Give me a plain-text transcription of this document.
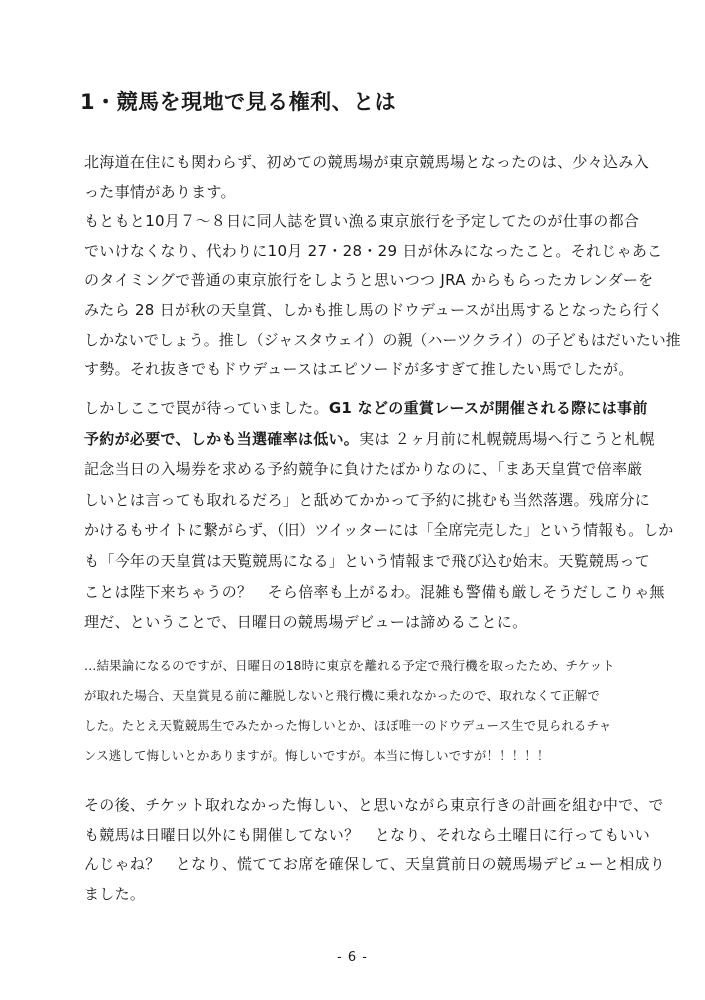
1・競馬を現地で見る権利、とは
北海道在住にも関わらず、初めての競馬場が東京競馬場となったのは、少々込み入
った事情があります。
もともと10月７～８日に同人誌を買い漁る東京旅行を予定してたのが仕事の都合
でいけなくなり、代わりに10月 27・28・29 日が休みになったこと。それじゃあこ
のタイミングで普通の東京旅行をしようと思いつつ JRA からもらったカレンダーを
みたら 28 日が秋の天皇賞、しかも推し馬のドウデュースが出馬するとなったら行く
しかないでしょう。推し（ジャスタウェイ）の親（ハーツクライ）の子どもはだいたい推
す勢。それ抜きでもドウデュースはエピソードが多すぎて推したい馬でしたが。
しかしここで罠が待っていました。G1 などの重賞レースが開催される際には事前
予約が必要で、しかも当選確率は低い。実は ２ヶ月前に札幌競馬場へ行こうと札幌
記念当日の入場券を求める予約競争に負けたばかりなのに、「まあ天皇賞で倍率厳
しいとは言っても取れるだろ」と舐めてかかって予約に挑むも当然落選。残席分に
かけるもサイトに繋がらず、（旧）ツイッターには「全席完売した」という情報も。しか
も「今年の天皇賞は天覧競馬になる」という情報まで飛び込む始末。天覧競馬って
ことは陛下来ちゃうの？　そら倍率も上がるわ。混雑も警備も厳しそうだしこりゃ無
理だ、ということで、日曜日の競馬場デビューは諦めることに。
…結果論になるのですが、日曜日の18時に東京を離れる予定で飛行機を取ったため、チケット
が取れた場合、天皇賞見る前に離脱しないと飛行機に乗れなかったので、取れなくて正解で
した。たとえ天覧競馬生でみたかった悔しいとか、ほぼ唯一のドウデュース生で見られるチャ
ンス逃して悔しいとかありますが。悔しいですが。本当に悔しいですが！！！！！
その後、チケット取れなかった悔しい、と思いながら東京行きの計画を組む中で、で
も競馬は日曜日以外にも開催してない？　となり、それなら土曜日に行ってもいい
んじゃね？　となり、慌ててお席を確保して、天皇賞前日の競馬場デビューと相成り
ました。
- 6 -
